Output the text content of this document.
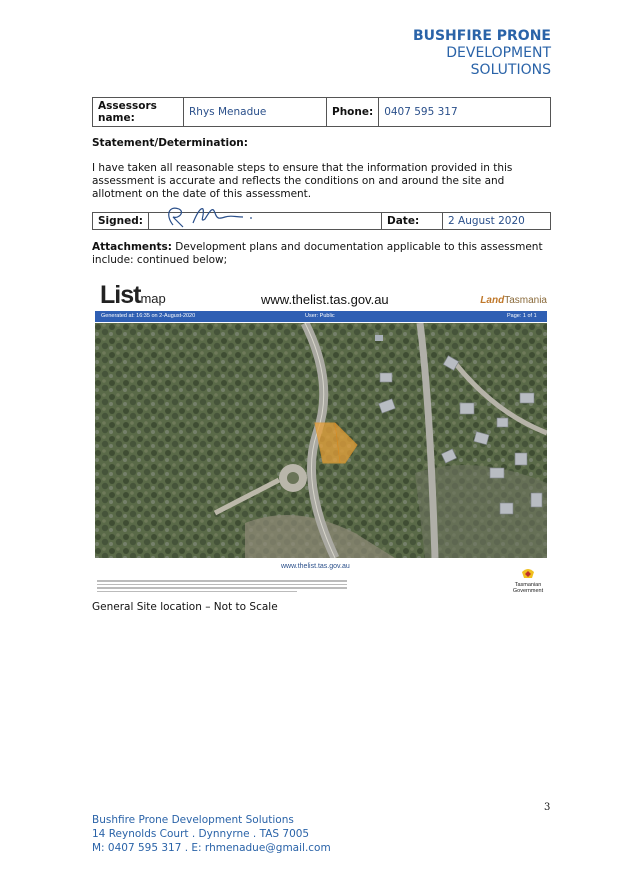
BUSHFIRE PRONE
DEVELOPMENT
SOLUTIONS
Assessors name:	Rhys Menadue	Phone:	0407 595 317
Statement/Determination:
I have taken all reasonable steps to ensure that the information provided in this assessment is accurate and reflects the conditions on and around the site and allotment on the date of this assessment.
Signed:		Date:	2 August 2020
Attachments: Development plans and documentation applicable to this assessment include: continued below;
Listmap	www.thelist.tas.gov.au	LandTasmania
Generated at: 16:35 on 2-August-2020	User: Public	Page: 1 of 1
www.thelist.tas.gov.au
Tasmanian
Government
General Site location – Not to Scale
3
Bushfire Prone Development Solutions
14 Reynolds Court . Dynnyrne . TAS 7005
M: 0407 595 317 . E: rhmenadue@gmail.com
